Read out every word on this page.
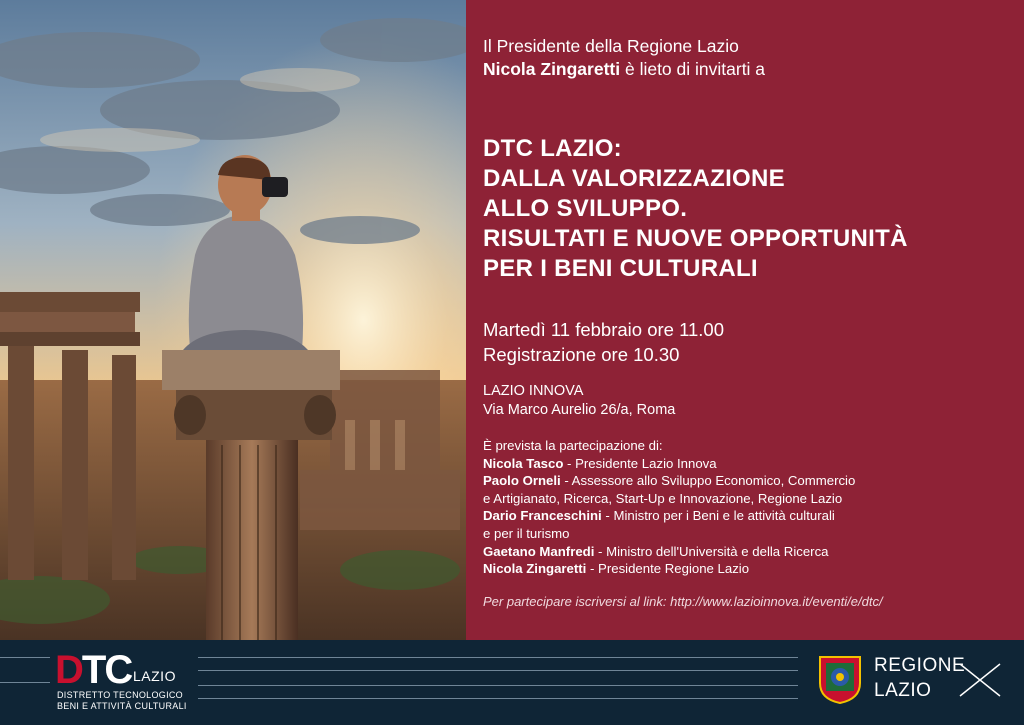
Il Presidente della Regione Lazio
Nicola Zingaretti è lieto di invitarti a
DTC LAZIO:
DALLA VALORIZZAZIONE
ALLO SVILUPPO.
RISULTATI E NUOVE OPPORTUNITÀ
PER I BENI CULTURALI
Martedì 11 febbraio ore 11.00
Registrazione ore 10.30
LAZIO INNOVA
Via Marco Aurelio 26/a, Roma
È prevista la partecipazione di:
Nicola Tasco - Presidente Lazio Innova
Paolo Orneli - Assessore allo Sviluppo Economico, Commercio
e Artigianato, Ricerca, Start-Up e Innovazione, Regione Lazio
Dario Franceschini - Ministro per i Beni e le attività culturali
e per il turismo
Gaetano Manfredi - Ministro dell'Università e della Ricerca
Nicola Zingaretti - Presidente Regione Lazio
Per partecipare iscriversi al link: http://www.lazioinnova.it/eventi/e/dtc/
DTC LAZIO
DISTRETTO TECNOLOGICO
BENI E ATTIVITÀ CULTURALI
REGIONE
LAZIO
